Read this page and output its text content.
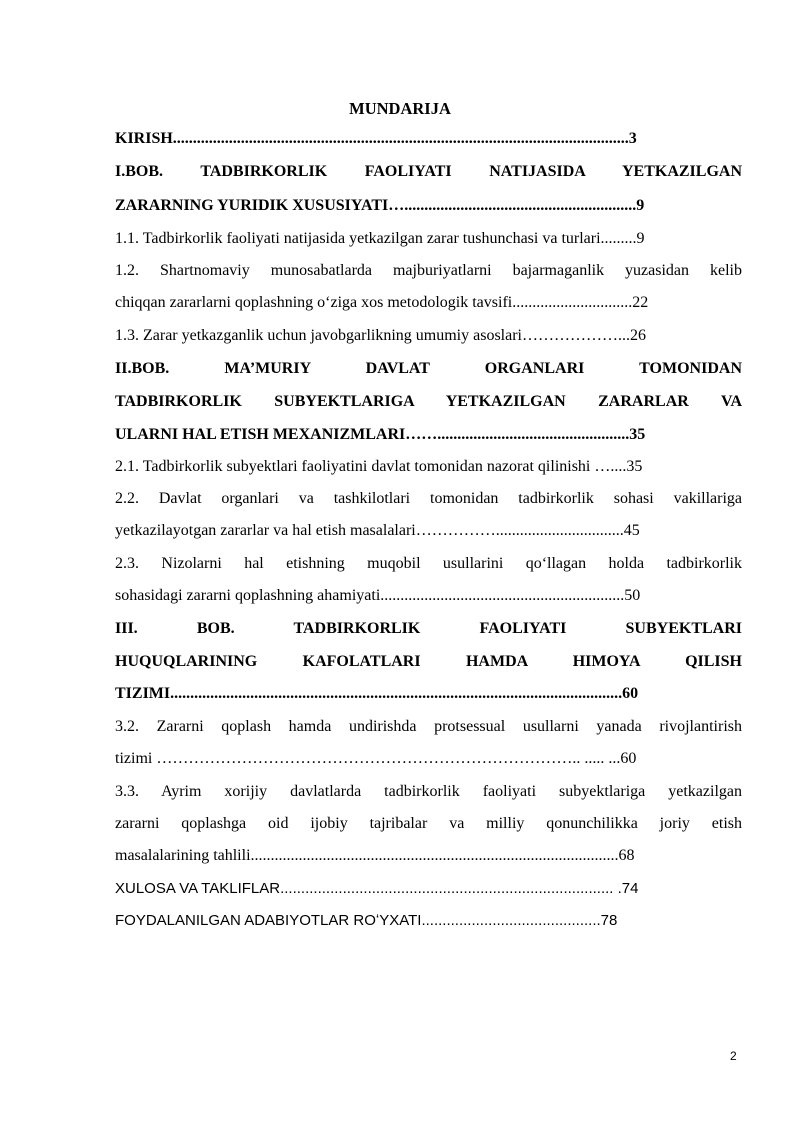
MUNDARIJA
KIRISH..................................................................................................................3
I.BOB. TADBIRKORLIK FAOLIYATI NATIJASIDA YETKAZILGAN
ZARARNING YURIDIK XUSUSIYATI…..........................................................9
1.1. Tadbirkorlik faoliyati natijasida yetkazilgan zarar tushunchasi va turlari.........9
1.2. Shartnomaviy munosabatlarda majburiyatlarni bajarmaganlik yuzasidan kelib
chiqqan zararlarni qoplashning oʻziga xos metodologik tavsifi..............................22
1.3. Zarar yetkazganlik uchun javobgarlikning umumiy asoslari………………...26
II.BOB. MA’MURIY DAVLAT ORGANLARI TOMONIDAN
TADBIRKORLIK SUBYEKTLARIGA YETKAZILGAN ZARARLAR VA
ULARNI HAL ETISH MEXANIZMLARI……................................................35
2.1. Tadbirkorlik subyektlari faoliyatini davlat tomonidan nazorat qilinishi …....35
2.2. Davlat organlari va tashkilotlari tomonidan tadbirkorlik sohasi vakillariga
yetkazilayotgan zararlar va hal etish masalalari……………................................45
2.3. Nizolarni hal etishning muqobil usullarini qoʻllagan holda tadbirkorlik
sohasidagi zararni qoplashning ahamiyati.............................................................50
III. BOB. TADBIRKORLIK FAOLIYATI SUBYEKTLARI
HUQUQLARINING KAFOLATLARI HAMDA HIMOYA QILISH
TIZIMI.................................................................................................................60
3.2. Zararni qoplash hamda undirishda protsessual usullarni yanada rivojlantirish
tizimi …………………………………………………………………….. ..... ...60
3.3. Ayrim xorijiy davlatlarda tadbirkorlik faoliyati subyektlariga yetkazilgan
zararni qoplashga oid ijobiy tajribalar va milliy qonunchilikka joriy etish
masalalarining tahlili............................................................................................68
XULOSA VA TAKLIFLAR................................................................................ .74
FOYDALANILGAN ADABIYOTLAR ROʻYXATI...........................................78
2
